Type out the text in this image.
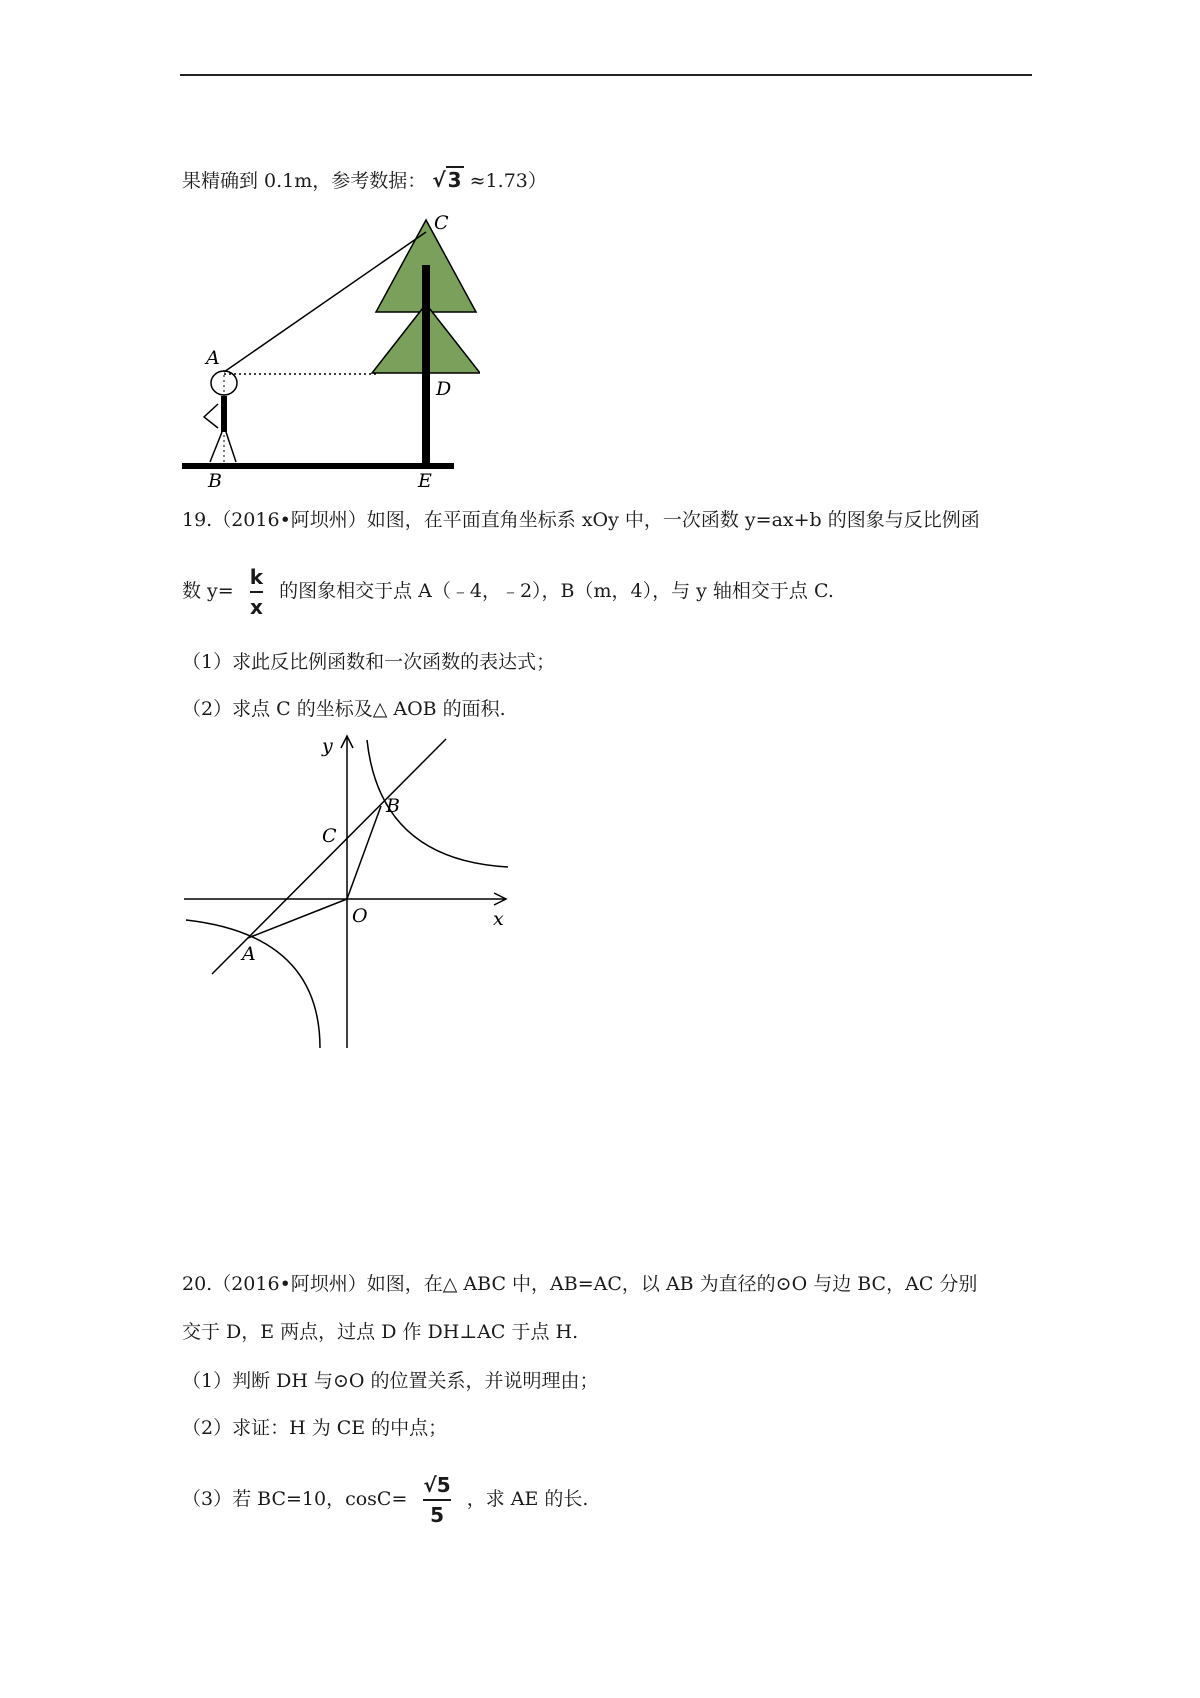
果精确到 0.1m，参考数据： √ 3 ≈1.73）
C
A
D
B	E
19.（2016•阿坝州）如图，在平面直角坐标系 xOy 中，一次函数 y=ax+b 的图象与反比例函
数 $y= \frac{k}{x}$ 的图象相交于点 A（﹣4，﹣2），B（m，4），与 y 轴相交于点 C.
（1）求此反比例函数和一次函数的表达式；
（2）求点 C 的坐标及△ AOB 的面积.
y
B
C
O	x
A
20.（2016•阿坝州）如图，在△ ABC 中，AB=AC，以 AB 为直径的⊙O 与边 BC，AC 分别
交于 D，E 两点，过点 D 作 DH⊥AC 于点 H.
（1）判断 DH 与⊙O 的位置关系，并说明理由；
（2）求证：H 为 CE 的中点；
（3）若 BC=10，$\cos C= \frac{√5}{5}$ ，求 AE 的长.
